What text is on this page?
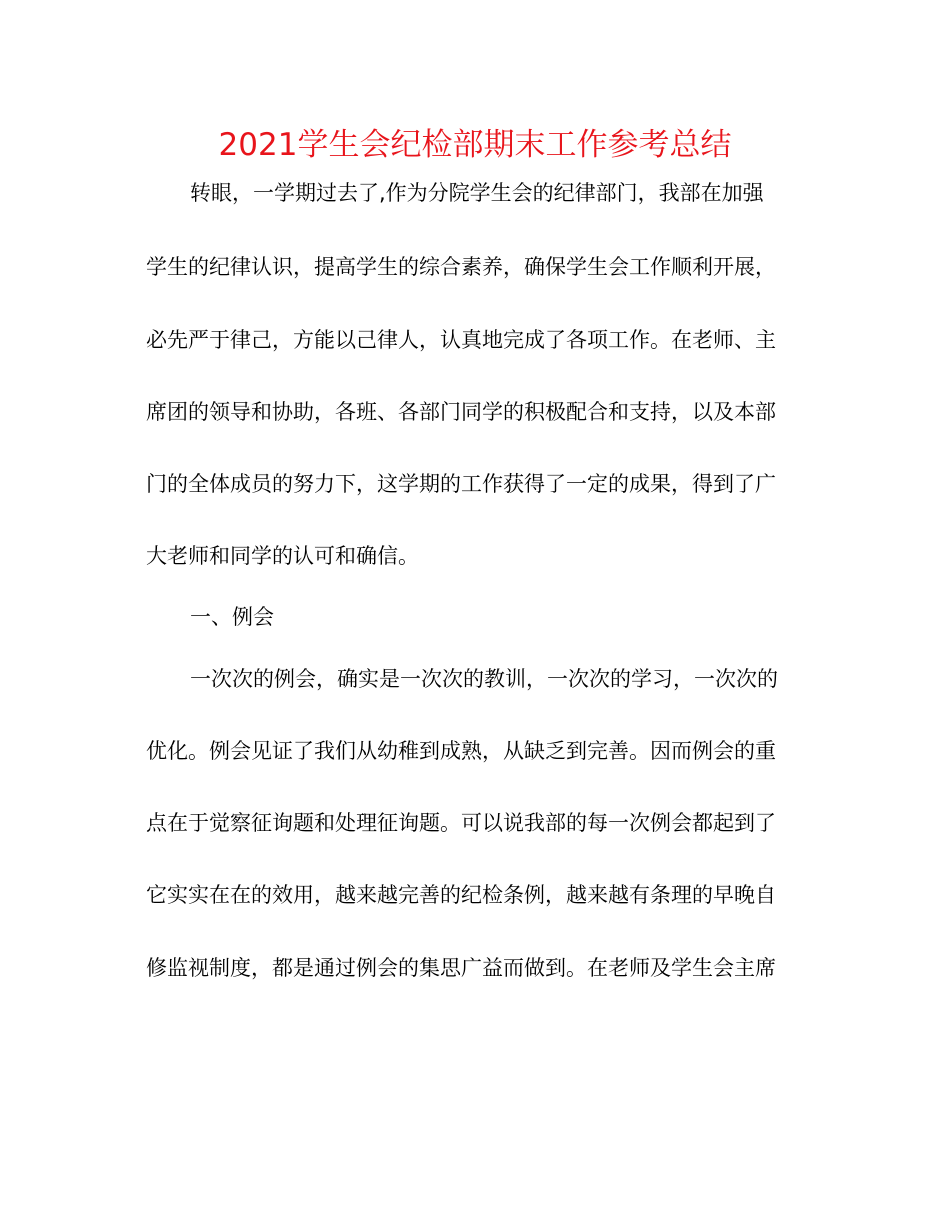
2021学生会纪检部期末工作参考总结
转眼，一学期过去了,作为分院学生会的纪律部门，我部在加强
学生的纪律认识，提高学生的综合素养，确保学生会工作顺利开展，
必先严于律己，方能以己律人，认真地完成了各项工作。在老师、主
席团的领导和协助，各班、各部门同学的积极配合和支持，以及本部
门的全体成员的努力下，这学期的工作获得了一定的成果，得到了广
大老师和同学的认可和确信。
一、例会
一次次的例会，确实是一次次的教训，一次次的学习，一次次的
优化。例会见证了我们从幼稚到成熟，从缺乏到完善。因而例会的重
点在于觉察征询题和处理征询题。可以说我部的每一次例会都起到了
它实实在在的效用，越来越完善的纪检条例，越来越有条理的早晚自
修监视制度，都是通过例会的集思广益而做到。在老师及学生会主席
